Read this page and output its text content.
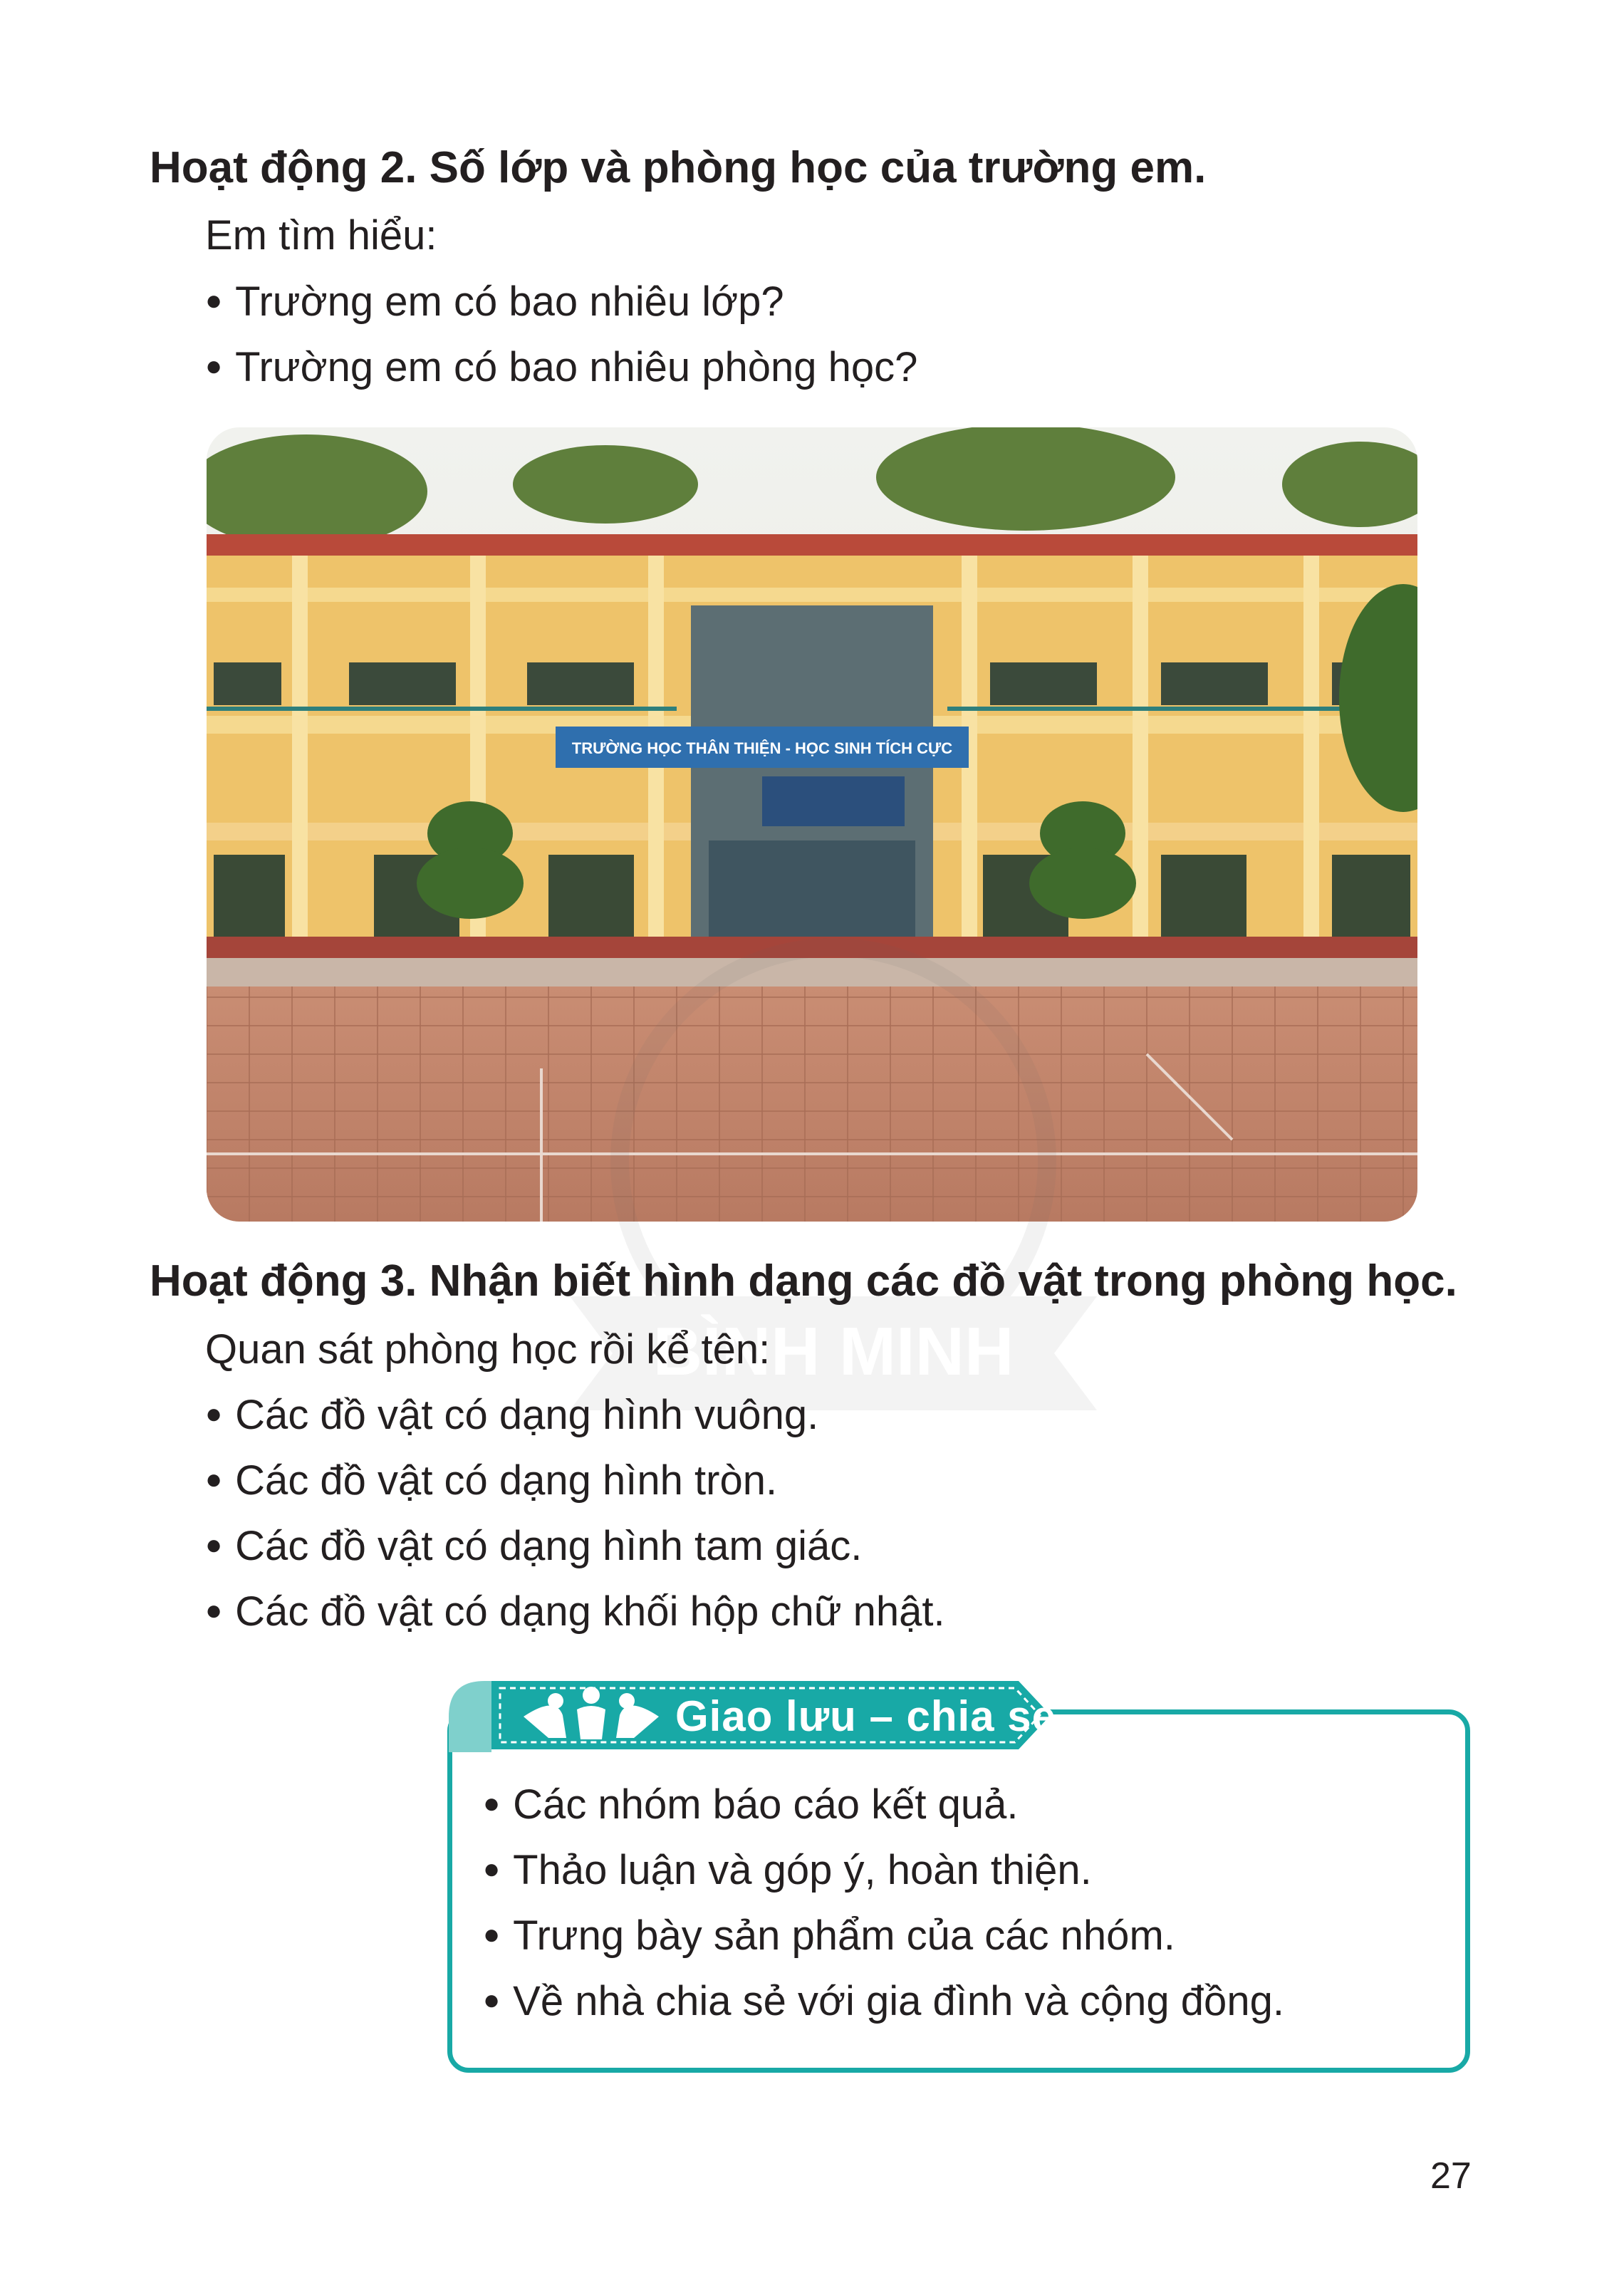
Hoạt động 2. Số lớp và phòng học của trường em.
Em tìm hiểu:
● Trường em có bao nhiêu lớp?
● Trường em có bao nhiêu phòng học?
TRƯỜNG HỌC THÂN THIỆN - HỌC SINH TÍCH CỰC
BÌNH MINH
Hoạt động 3. Nhận biết hình dạng các đồ vật trong phòng học.
Quan sát phòng học rồi kể tên:
● Các đồ vật có dạng hình vuông.
● Các đồ vật có dạng hình tròn.
● Các đồ vật có dạng hình tam giác.
● Các đồ vật có dạng khối hộp chữ nhật.
Giao lưu – chia sẻ
● Các nhóm báo cáo kết quả.
● Thảo luận và góp ý, hoàn thiện.
● Trưng bày sản phẩm của các nhóm.
● Về nhà chia sẻ với gia đình và cộng đồng.
27
